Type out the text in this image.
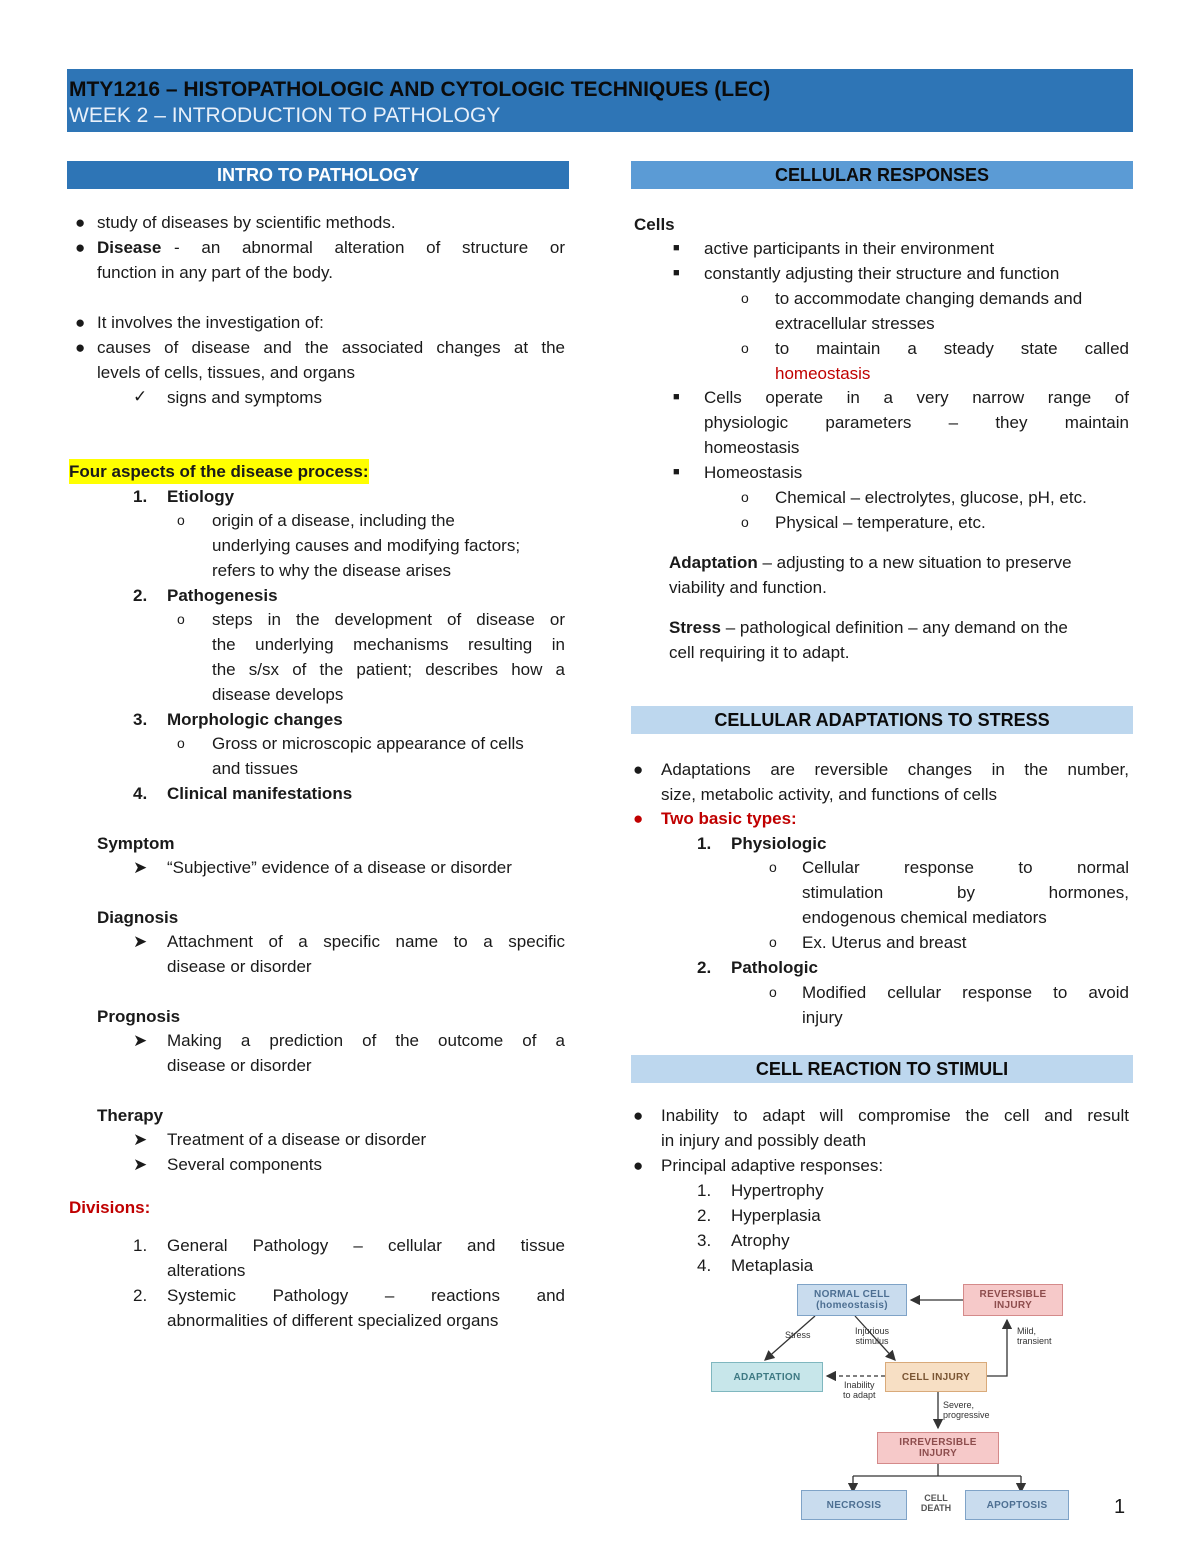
MTY1216 – HISTOPATHOLOGIC AND CYTOLOGIC TECHNIQUES (LEC)
WEEK 2 – INTRODUCTION TO PATHOLOGY
INTRO TO PATHOLOGY
● study of diseases by scientific methods.
● Disease - an abnormal alteration of structure or
function in any part of the body.
● It involves the investigation of:
● causes of disease and the associated changes at the
levels of cells, tissues, and organs
✓ signs and symptoms
Four aspects of the disease process:
1. Etiology
o origin of a disease, including the
underlying causes and modifying factors;
refers to why the disease arises
2. Pathogenesis
o steps in the development of disease or
the underlying mechanisms resulting in
the s/sx of the patient; describes how a
disease develops
3. Morphologic changes
o Gross or microscopic appearance of cells
and tissues
4. Clinical manifestations
Symptom
➤ “Subjective” evidence of a disease or disorder
Diagnosis
➤ Attachment of a specific name to a specific
disease or disorder
Prognosis
➤ Making a prediction of the outcome of a
disease or disorder
Therapy
➤ Treatment of a disease or disorder
➤ Several components
Divisions:
1. General Pathology – cellular and tissue
alterations
2. Systemic Pathology – reactions and
abnormalities of different specialized organs
CELLULAR RESPONSES
Cells
■ active participants in their environment
■ constantly adjusting their structure and function
o to accommodate changing demands and
extracellular stresses
o to maintain a steady state called
homeostasis
■ Cells operate in a very narrow range of
physiologic parameters – they maintain
homeostasis
■ Homeostasis
o Chemical – electrolytes, glucose, pH, etc.
o Physical – temperature, etc.
Adaptation – adjusting to a new situation to preserve
viability and function.
Stress – pathological definition – any demand on the
cell requiring it to adapt.
CELLULAR ADAPTATIONS TO STRESS
● Adaptations are reversible changes in the number,
size, metabolic activity, and functions of cells
● Two basic types:
1. Physiologic
o Cellular response to normal
stimulation by hormones,
endogenous chemical mediators
o Ex. Uterus and breast
2. Pathologic
o Modified cellular response to avoid
injury
CELL REACTION TO STIMULI
● Inability to adapt will compromise the cell and result
in injury and possibly death
● Principal adaptive responses:
1. Hypertrophy
2. Hyperplasia
3. Atrophy
4. Metaplasia
NORMAL CELL
(homeostasis)
REVERSIBLE
INJURY
ADAPTATION	CELL INJURY
IRREVERSIBLE
INJURY
NECROSIS	APOPTOSIS
CELL
DEATH
Stress	Injurious
stimulus
Mild,
transient
Inability
to adapt
Severe,
progressive
1
